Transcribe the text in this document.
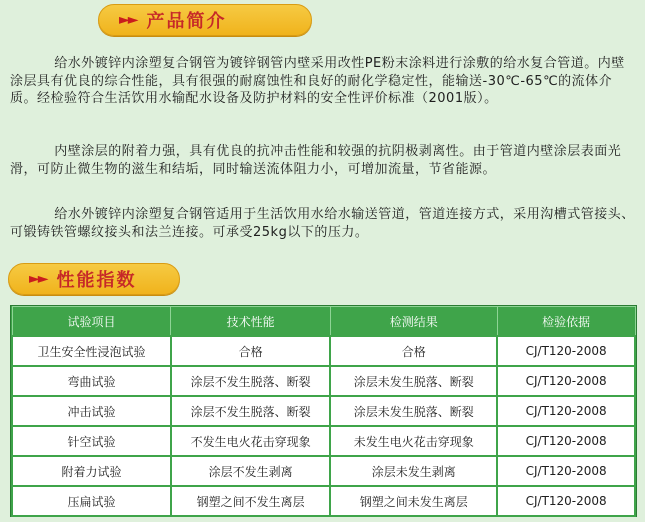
►► 产品简介

给水外镀锌内涂塑复合钢管为镀锌钢管内壁采用改性PE粉末涂料进行涂敷的给水复合管道。内壁涂层具有优良的综合性能，具有很强的耐腐蚀性和良好的耐化学稳定性，能输送-30℃-65℃的流体介质。经检验符合生活饮用水输配水设备及防护材料的安全性评价标准（2001版）。

内壁涂层的附着力强，具有优良的抗冲击性能和较强的抗阴极剥离性。由于管道内壁涂层表面光滑，可防止微生物的滋生和结垢，同时输送流体阻力小，可增加流量，节省能源。

给水外镀锌内涂塑复合钢管适用于生活饮用水给水输送管道，管道连接方式，采用沟槽式管接头、可锻铸铁管螺纹接头和法兰连接。可承受25kg以下的压力。

►► 性能指数
试验项目	技术性能	检测结果	检验依据
卫生安全性浸泡试验	合格	合格	CJ/T120-2008
弯曲试验	涂层不发生脱落、断裂	涂层未发生脱落、断裂	CJ/T120-2008
冲击试验	涂层不发生脱落、断裂	涂层未发生脱落、断裂	CJ/T120-2008
针空试验	不发生电火花击穿现象	未发生电火花击穿现象	CJ/T120-2008
附着力试验	涂层不发生剥离	涂层未发生剥离	CJ/T120-2008
压扁试验	钢塑之间不发生离层	钢塑之间未发生离层	CJ/T120-2008
